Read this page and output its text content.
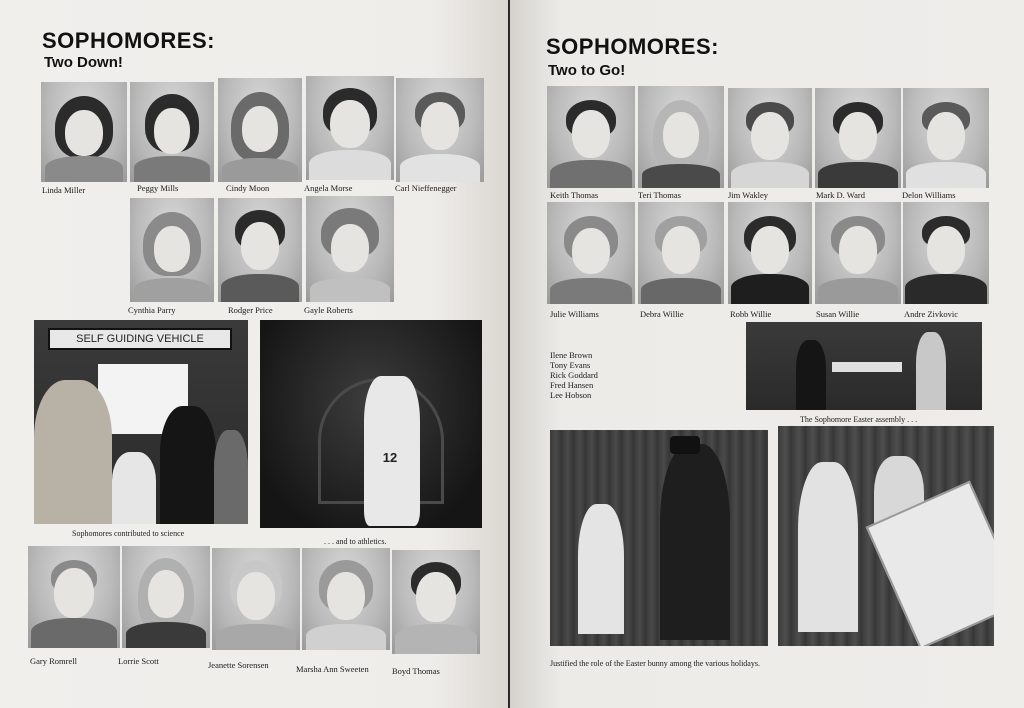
SOPHOMORES:
Two Down!
Linda Miller	Peggy Mills	Cindy Moon	Angela Morse	Carl Nieffenegger
Cynthia Parry	Rodger Price	Gayle Roberts
SELF GUIDING VEHICLE
Sophomores contributed to science
12
. . . and to athletics.
Gary Romrell	Lorrie Scott	Jeanette Sorensen	Marsha Ann Sweeten	Boyd Thomas
SOPHOMORES:
Two to Go!
Keith Thomas	Teri Thomas	Jim Wakley	Mark D. Ward	Delon Williams
Julie Williams	Debra Willie	Robb Willie	Susan Willie	Andre Zivkovic
Ilene Brown
Tony Evans
Rick Goddard
Fred Hansen
Lee Hobson
The Sophomore Easter assembly . . .
Justified the role of the Easter bunny among the various holidays.
